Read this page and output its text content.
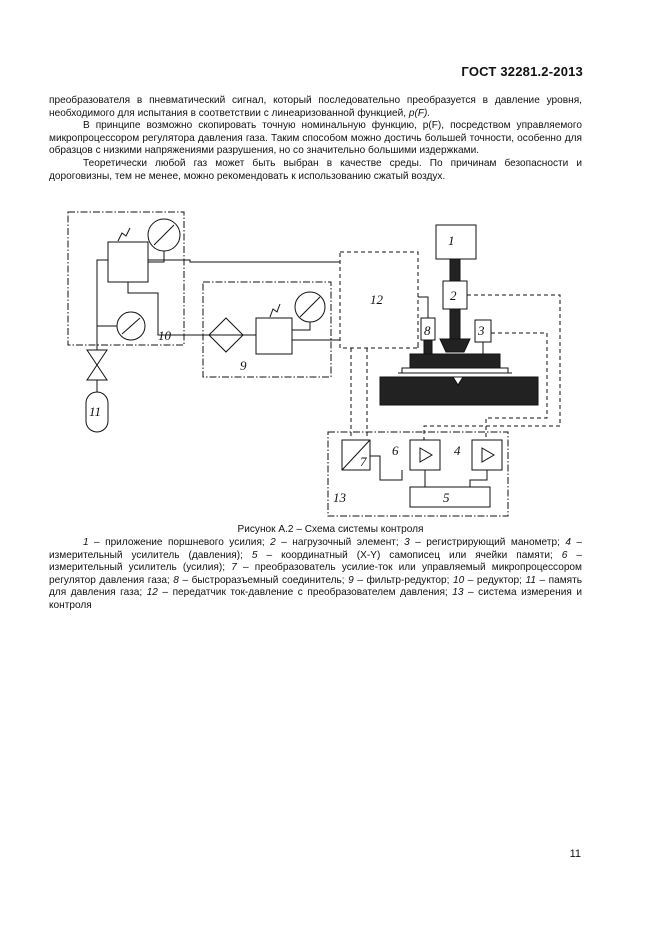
ГОСТ 32281.2-2013

преобразователя в пневматический сигнал, который последовательно преобразуется в давление уровня, необходимого для испытания в соответствии с линеаризованной функцией, p(F).

В принципе возможно скопировать точную номинальную функцию, p(F), посредством управляемого микропроцессором регулятора давления газа. Таким способом можно достичь большей точности, особенно для образцов с низкими напряжениями разрушения, но со значительно большими издержками.

Теоретически любой газ может быть выбран в качестве среды. По причинам безопасности и дороговизны, тем не менее, можно рекомендовать к использованию сжатый воздух.

1
2
3
4
5
6
7
8
9
10
11
12
13
Рисунок А.2 – Схема системы контроля
1 – приложение поршневого усилия; 2 – нагрузочный элемент; 3 – регистрирующий манометр; 4 – измерительный усилитель (давления); 5 – координатный (X-Y) самописец или ячейки памяти; 6 – измерительный усилитель (усилия); 7 – преобразователь усилие-ток или управляемый микропроцессором регулятор давления газа; 8 – быстроразъемный соединитель; 9 – фильтр-редуктор; 10 – редуктор; 11 – память для давления газа; 12 – передатчик ток-давление с преобразователем давления; 13 – система измерения и контроля
11
